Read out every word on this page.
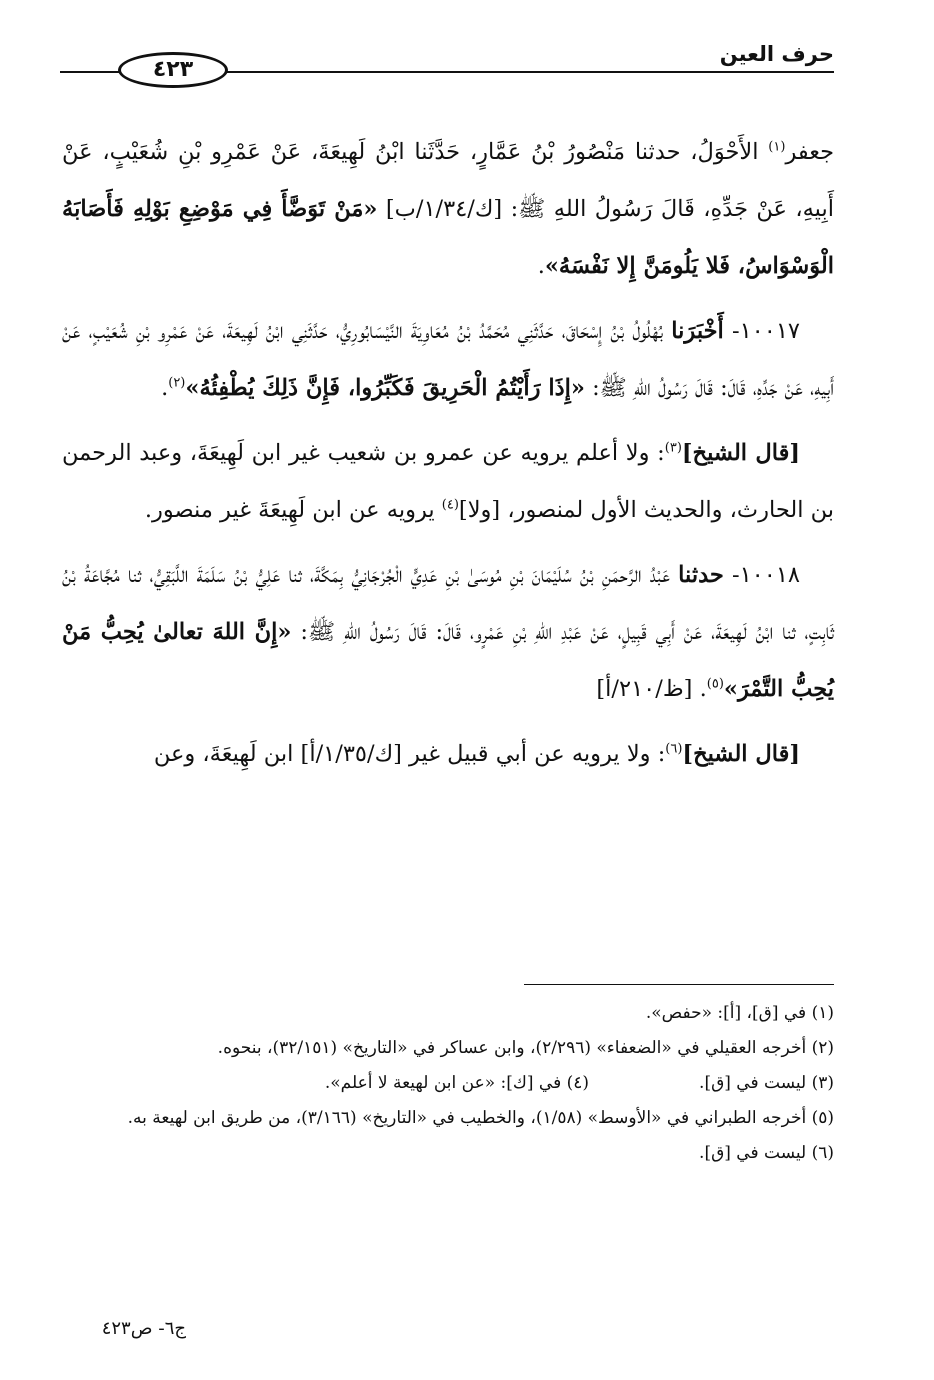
حرف العين
٤٢٣

جعفر$^{(١)}$ الأَحْوَلُ، حدثنا مَنْصُورُ بْنُ عَمَّارٍ، حَدَّثَنا ابْنُ لَهِيعَةَ، عَنْ عَمْرِو بْنِ شُعَيْبٍ، عَنْ أَبِيهِ، عَنْ جَدِّهِ، قَالَ رَسُولُ اللهِ ﷺ: [ك/١/٣٤/ب] «مَنْ تَوَضَّأَ فِي مَوْضِعِ بَوْلِهِ فَأَصَابَهُ الْوَسْوَاسُ، فَلا يَلُومَنَّ إِلا نَفْسَهُ».

١٠٠١٧- أَخْبَرَنا بُهْلُولُ بْنُ إِسْحَاقَ، حَدَّثَنِي مُحَمَّدُ بْنُ مُعَاوِيَةَ النَّيْسَابُورِيُّ، حَدَّثَنِي ابْنُ لَهِيعَةَ، عَنْ عَمْرِو بْنِ شُعَيْبٍ، عَنْ أَبِيهِ، عَنْ جَدِّهِ، قَالَ: قَالَ رَسُولُ اللهِ ﷺ: «إِذَا رَأَيْتُمُ الْحَرِيقَ فَكَبِّرُوا، فَإِنَّ ذَلِكَ يُطْفِئُهُ»$^{(٢)}$.

[قال الشيخ]$^{(٣)}$: ولا أعلم يرويه عن عمرو بن شعيب غير ابن لَهِيعَةَ، وعبد الرحمن بن الحارث، والحديث الأول لمنصور، [ولا]$^{(٤)}$ يرويه عن ابن لَهِيعَةَ غير منصور.

١٠٠١٨- حدثنا عَبْدُ الرَّحمَنِ بْنُ سُلَيْمَانَ بْنِ مُوسَىٰ بْنِ عَدِيٍّ الْجُرْجَانِيُّ بِمَكَّةَ، ثنا عَلِيُّ بْنُ سَلَمَةَ اللَّبَقِيُّ، ثنا مُجَّاعَةُ بْنُ ثَابِتٍ، ثنا ابْنُ لَهِيعَةَ، عَنْ أَبِي قَبِيلٍ، عَنْ عَبْدِ اللهِ بْنِ عَمْرٍو، قَالَ: قَالَ رَسُولُ اللهِ ﷺ: «إِنَّ اللهَ تعالىٰ يُحِبُّ مَنْ يُحِبُّ التَّمْرَ»$^{(٥)}$. [ظ/٢١٠/أ]

[قال الشيخ]$^{(٦)}$: ولا يرويه عن أبي قبيل غير [ك/١/٣٥/أ] ابن لَهِيعَةَ، وعن

(١) في [ق]، [أ]: «حفص».

(٢) أخرجه العقيلي في «الضعفاء» (٢/٢٩٦)، وابن عساكر في «التاريخ» (٣٢/١٥١)، بنحوه.

(٣) ليست في [ق].
(٤) في [ك]: «عن ابن لهيعة لا أعلم».

(٥) أخرجه الطبراني في «الأوسط» (١/٥٨)، والخطيب في «التاريخ» (٣/١٦٦)، من طريق ابن لهيعة به.

(٦) ليست في [ق].

ج٦- ص٤٢٣
